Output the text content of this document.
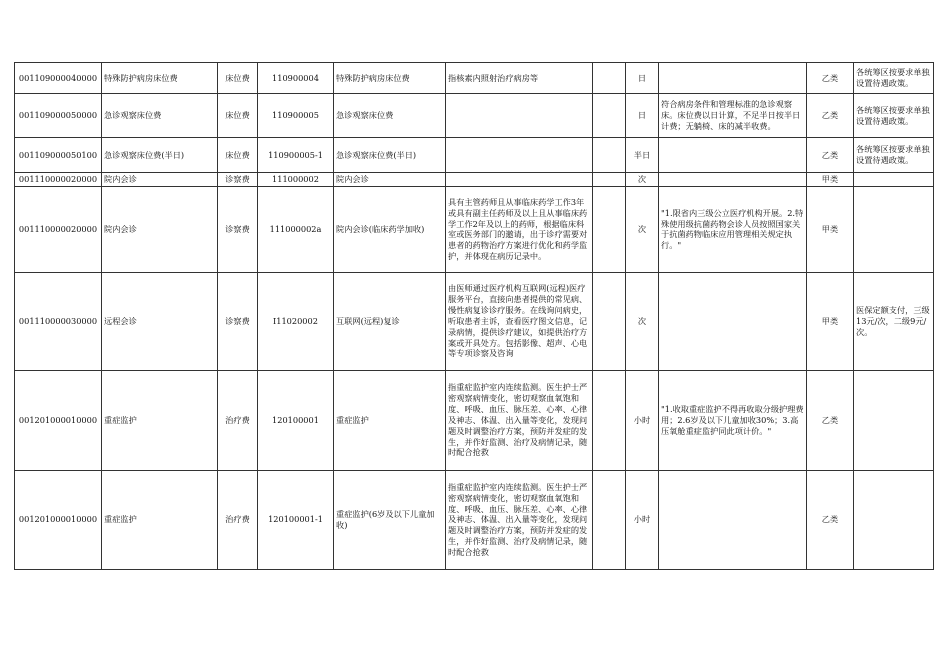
001109000040000	特殊防护病房床位费	床位费	110900004	特殊防护病房床位费	指核素内照射治疗病房等		日		乙类	各统筹区按要求单独设置待遇政策。
001109000050000	急诊观察床位费	床位费	110900005	急诊观察床位费			日	符合病房条件和管理标准的急诊观察床。床位费以日计算，不足半日按半日计费；无躺椅、床的减半收费。	乙类	各统筹区按要求单独设置待遇政策。
001109000050100	急诊观察床位费(半日)	床位费	110900005-1	急诊观察床位费(半日)			半日		乙类	各统筹区按要求单独设置待遇政策。
001110000020000	院内会诊	诊察费	111000002	院内会诊			次		甲类	
001110000020000	院内会诊	诊察费	111000002a	院内会诊(临床药学加收)	具有主管药师且从事临床药学工作3年或具有副主任药师及以上且从事临床药学工作2年及以上的药师，根据临床科室或医务部门的邀请，出于诊疗需要对患者的药物治疗方案进行优化和药学监护，并体现在病历记录中。		次	"1.限省内三级公立医疗机构开展。2.特殊使用级抗菌药物会诊人员按照国家关于抗菌药物临床应用管理相关规定执行。"	甲类	
001110000030000	远程会诊	诊察费	I11020002	互联网(远程)复诊	由医师通过医疗机构互联网(远程)医疗服务平台，直接向患者提供的常见病、慢性病复诊诊疗服务。在线询问病史，听取患者主诉，查看医疗图文信息，记录病情，提供诊疗建议，如提供治疗方案或开具处方。包括影像、超声、心电等专项诊察及咨询		次		甲类	医保定额支付，三级13元/次，二级9元/次。
001201000010000	重症监护	治疗费	120100001	重症监护	指重症监护室内连续监测。医生护士严密观察病情变化，密切观察血氧饱和度、呼吸、血压、脉压差、心率、心律及神志、体温、出入量等变化，发现问题及时调整治疗方案，预防并发症的发生，并作好监测、治疗及病情记录，随时配合抢救		小时	"1.收取重症监护不得再收取分级护理费用；2.6岁及以下儿童加收30%；3.高压氧舱重症监护同此项计价。"	乙类	
001201000010000	重症监护	治疗费	120100001-1	重症监护(6岁及以下儿童加收)	指重症监护室内连续监测。医生护士严密观察病情变化，密切观察血氧饱和度、呼吸、血压、脉压差、心率、心律及神志、体温、出入量等变化，发现问题及时调整治疗方案，预防并发症的发生，并作好监测、治疗及病情记录，随时配合抢救		小时		乙类	
